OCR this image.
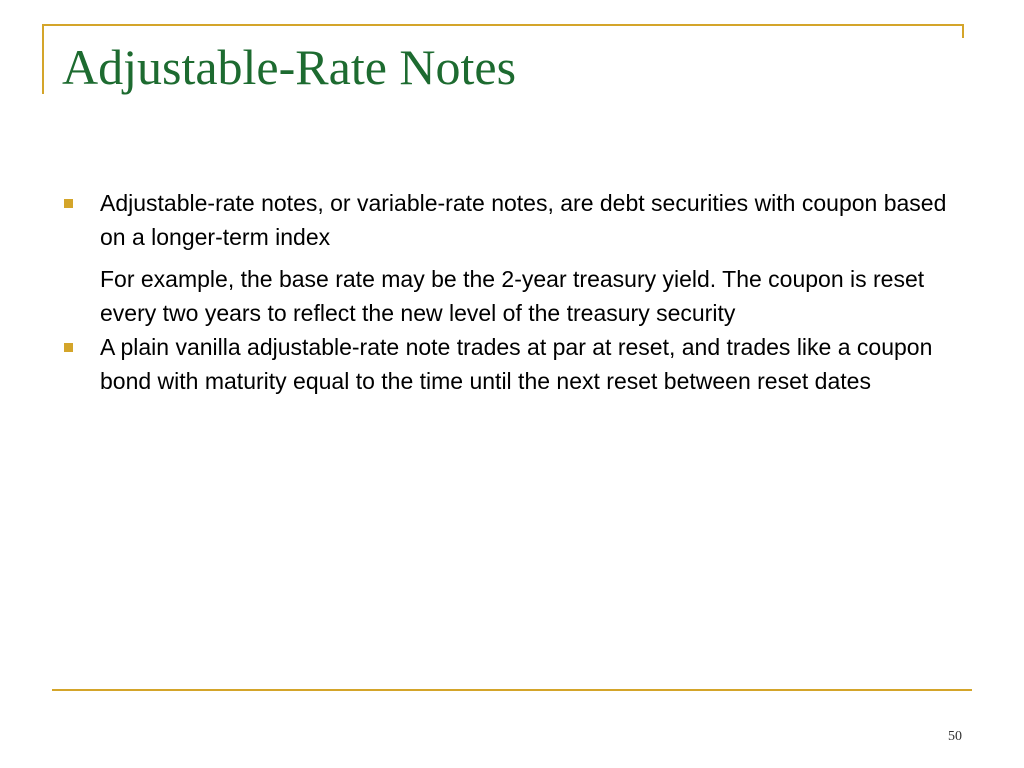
Adjustable-Rate Notes

Adjustable-rate notes, or variable-rate notes, are debt securities with coupon based on a longer-term index

For example, the base rate may be the 2-year treasury yield. The coupon is reset every two years to reflect the new level of the treasury security

A plain vanilla adjustable-rate note trades at par at reset, and trades like a coupon bond with maturity equal to the time until the next reset between reset dates

50
